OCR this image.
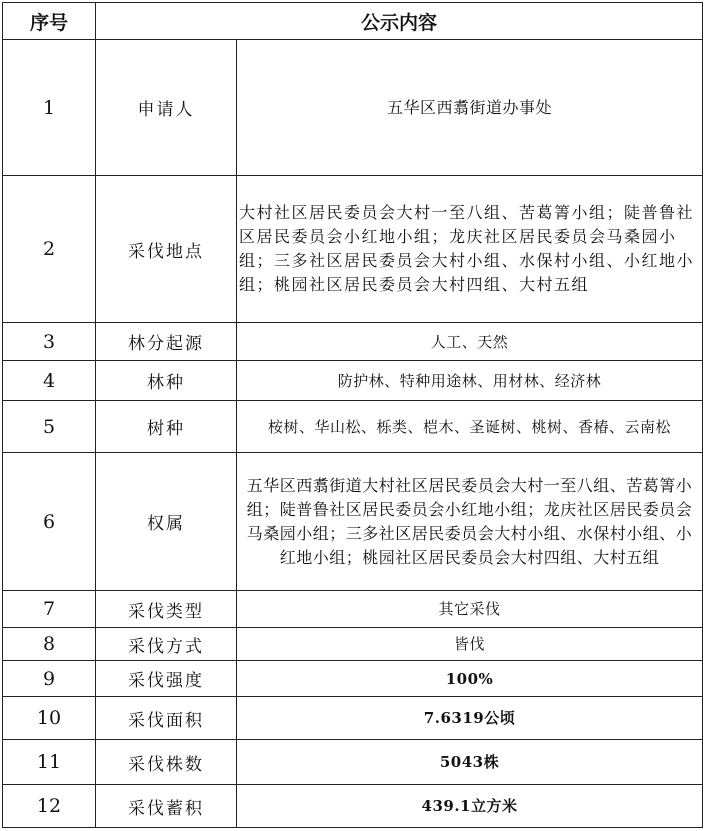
序号	公示内容	
1	申请人	五华区西翥街道办事处
2	采伐地点	大村社区居民委员会大村一至八组、苦葛箐小组；陡普鲁社区居民委员会小红地小组；龙庆社区居民委员会马桑园小组；三多社区居民委员会大村小组、水保村小组、小红地小组；桃园社区居民委员会大村四组、大村五组
3	林分起源	人工、天然
4	林种	防护林、特种用途林、用材林、经济林
5	树种	桉树、华山松、栎类、桤木、圣诞树、桃树、香椿、云南松
6	权属	五华区西翥街道大村社区居民委员会大村一至八组、苦葛箐小组；陡普鲁社区居民委员会小红地小组；龙庆社区居民委员会马桑园小组；三多社区居民委员会大村小组、水保村小组、小红地小组；桃园社区居民委员会大村四组、大村五组
7	采伐类型	其它采伐
8	采伐方式	皆伐
9	采伐强度	100%
10	采伐面积	7.6319公顷
11	采伐株数	5043株
12	采伐蓄积	439.1立方米
